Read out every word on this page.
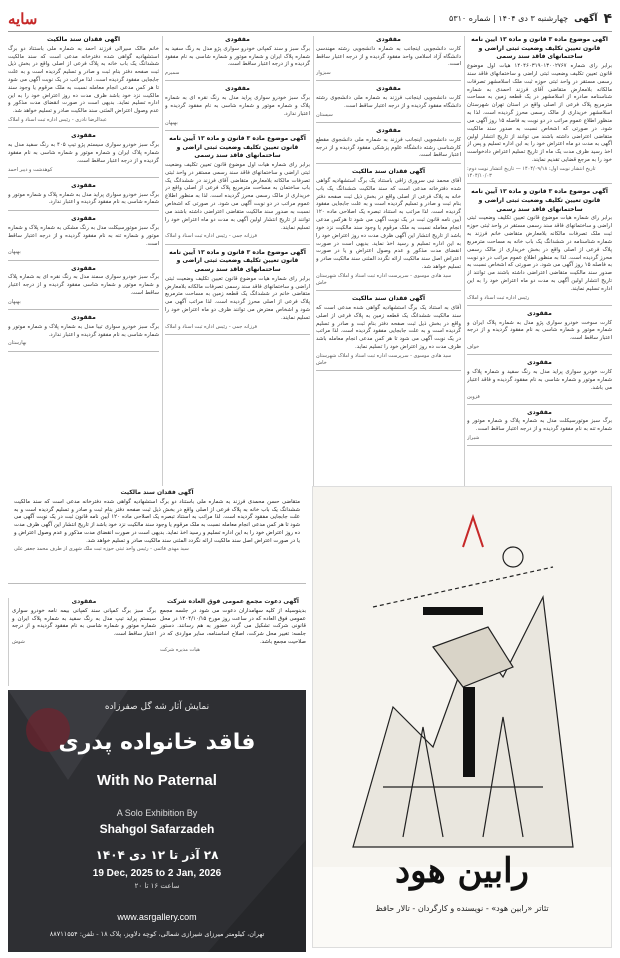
۴
آگهی
چهارشنبه ۳ دی ۱۴۰۴ | شماره ۵۳۱۰
سایه
آگهی موضوع ماده ۳ قانون و ماده ۱۳ آیین نامه قانون تعیین تکلیف وضعیت ثبتی اراضی و ساختمانهای فاقد سند رسمی
برابر رای شماره ۱۴۰۴۶۰۳۱۹۰۱۳۰۰۲۷۶۷ هیات اول موضوع قانون تعیین تکلیف وضعیت ثبتی اراضی و ساختمانهای فاقد سند رسمی مستقر در واحد ثبتی حوزه ثبت ملک اسلامشهر تصرفات مالکانه بلامعارض متقاضی آقای فرزند احمدی به شماره شناسنامه صادره از اسلامشهر در یک قطعه زمین به مساحت مترمربع پلاک فرعی از اصلی واقع در استان تهران شهرستان اسلامشهر خریداری از مالک رسمی محرز گردیده است. لذا به منظور اطلاع عموم مراتب در دو نوبت به فاصله ۱۵ روز آگهی می شود. در صورتی که اشخاص نسبت به صدور سند مالکیت متقاضی اعتراضی داشته باشند می توانند از تاریخ انتشار اولین آگهی به مدت دو ماه اعتراض خود را به این اداره تسلیم و پس از اخذ رسید ظرف مدت یک ماه از تاریخ تسلیم اعتراض دادخواست خود را به مرجع قضایی تقدیم نمایند.
تاریخ انتشار نوبت اول: ۱۴۰۴/۰۹/۱۸ — تاریخ انتشار نوبت دوم: ۱۴۰۴/۱۰/۰۳
آگهی موضوع ماده ۳ قانون و ماده ۱۳ آیین نامه قانون تعیین تکلیف وضعیت ثبتی اراضی و ساختمانهای فاقد سند رسمی
برابر رای شماره هیات موضوع قانون تعیین تکلیف وضعیت ثبتی اراضی و ساختمانهای فاقد سند رسمی مستقر در واحد ثبتی حوزه ثبت ملک تصرفات مالکانه بلامعارض متقاضی خانم فرزند به شماره شناسنامه در ششدانگ یک باب خانه به مساحت مترمربع پلاک فرعی از اصلی واقع در بخش خریداری از مالک رسمی محرز گردیده است. لذا به منظور اطلاع عموم مراتب در دو نوبت به فاصله ۱۵ روز آگهی می شود. در صورتی که اشخاص نسبت به صدور سند مالکیت متقاضی اعتراضی داشته باشند می توانند از تاریخ انتشار اولین آگهی به مدت دو ماه اعتراض خود را به این اداره تسلیم نمایند.
رئیس اداره ثبت اسناد و املاک
مفقودی
کارت سوخت خودرو سواری پژو مدل به شماره پلاک ایران و شماره موتور و شماره شاسی به نام مفقود گردیده و از درجه اعتبار ساقط است.
خواف
مفقودی
کارت خودرو سواری پراید مدل به رنگ سفید و شماره پلاک و شماره موتور و شماره شاسی به نام مفقود گردیده و فاقد اعتبار می باشد.
قزوین
مفقودی
برگ سبز موتورسیکلت مدل به شماره پلاک و شماره موتور و شماره تنه به نام مفقود گردیده و از درجه اعتبار ساقط است.
شیراز
مفقودی
کارت دانشجویی اینجانب به شماره دانشجویی رشته مهندسی دانشگاه آزاد اسلامی واحد مفقود گردیده و از درجه اعتبار ساقط است.
سبزوار
مفقودی
کارت دانشجویی اینجانب فرزند به شماره ملی دانشجوی رشته دانشگاه مفقود گردیده و از درجه اعتبار ساقط است.
سیستان
مفقودی
کارت دانشجویی اینجانب فرزند به شماره ملی دانشجوی مقطع کارشناسی رشته دانشگاه علوم پزشکی مفقود گردیده و از درجه اعتبار ساقط است.
آگهی فقدان سند مالکیت
آقای محمد نبی سروری زاقی باستناد یک برگ استشهادیه گواهی شده دفترخانه مدعی است که سند مالکیت ششدانگ یک باب خانه به پلاک فرعی از اصلی واقع در بخش ذیل ثبت صفحه دفتر بنام ثبت و صادر و تسلیم گردیده است و به علت جابجایی مفقود گردیده است. لذا مراتب به استناد تبصره یک اصلاحی ماده ۱۲۰ آیین نامه قانون ثبت در یک نوبت آگهی می شود تا هرکس مدعی انجام معامله نسبت به ملک مرقوم یا وجود سند مالکیت نزد خود باشد از تاریخ انتشار این آگهی ظرف مدت ده روز اعتراض خود را به این اداره تسلیم و رسید اخذ نماید. بدیهی است در صورت انقضای مدت مذکور و عدم وصول اعتراض و یا در صورت اعتراض اصل سند مالکیت ارائه نگردد المثنی سند مالکیت صادر و تسلیم خواهد شد.
سید هادی موسوی - سرپرست اداره ثبت اسناد و املاک شهرستان خاش
آگهی فقدان سند مالکیت
آقای به استناد یک برگ استشهادیه گواهی شده مدعی است که سند مالکیت ششدانگ یک قطعه زمین به پلاک فرعی از اصلی واقع در بخش ذیل ثبت صفحه دفتر بنام ثبت و صادر و تسلیم گردیده است و به علت جابجایی مفقود گردیده است. لذا مراتب در یک نوبت آگهی می شود تا هر کس مدعی انجام معامله باشد ظرف مدت ده روز اعتراض خود را تسلیم نماید.
سید هادی موسوی - سرپرست اداره ثبت اسناد و املاک شهرستان خاش
مفقودی
برگ سبز و سند کمپانی خودرو سواری پژو مدل به رنگ سفید به شماره پلاک ایران و شماره موتور و شماره شاسی به نام مفقود گردیده و از درجه اعتبار ساقط است.
سمیرم
مفقودی
برگ سبز خودرو سواری پراید مدل به رنگ نقره ای به شماره پلاک و شماره موتور و شماره شاسی به نام مفقود گردیده و اعتبار ندارد.
بهبهان
آگهی موضوع ماده ۳ قانون و ماده ۱۳ آیین نامه قانون تعیین تکلیف وضعیت ثبتی اراضی و ساختمانهای فاقد سند رسمی
برابر رای شماره هیات اول موضوع قانون تعیین تکلیف وضعیت ثبتی اراضی و ساختمانهای فاقد سند رسمی مستقر در واحد ثبتی تصرفات مالکانه بلامعارض متقاضی آقای فرزند در ششدانگ یک باب ساختمان به مساحت مترمربع پلاک فرعی از اصلی واقع در خریداری از مالک رسمی محرز گردیده است. لذا به منظور اطلاع عموم مراتب در دو نوبت آگهی می شود. در صورتی که اشخاص نسبت به صدور سند مالکیت متقاضی اعتراضی داشته باشند می توانند از تاریخ انتشار اولین آگهی به مدت دو ماه اعتراض خود را تسلیم نمایند.
فرزانه جمی - رئیس اداره ثبت اسناد و املاک
آگهی موضوع ماده ۳ قانون و ماده ۱۳ آیین نامه قانون تعیین تکلیف وضعیت ثبتی اراضی و ساختمانهای فاقد سند رسمی
برابر رای شماره هیات موضوع قانون تعیین تکلیف وضعیت ثبتی اراضی و ساختمانهای فاقد سند رسمی تصرفات مالکانه بلامعارض متقاضی خانم در ششدانگ یک قطعه زمین به مساحت مترمربع پلاک فرعی از اصلی محرز گردیده است. لذا مراتب آگهی می شود و اشخاص معترض می توانند ظرف دو ماه اعتراض خود را تسلیم نمایند.
فرزانه جمی - رئیس اداره ثبت اسناد و املاک
آگهی فقدان سند مالکیت
خانم مالک سیرالی فرزند احمد به شماره ملی باستناد دو برگ استشهادیه گواهی شده دفترخانه مدعی است که سند مالکیت ششدانگ یک باب خانه به پلاک فرعی از اصلی واقع در بخش ذیل ثبت صفحه دفتر بنام ثبت و صادر و تسلیم گردیده است و به علت جابجایی مفقود گردیده است. لذا مراتب در یک نوبت آگهی می شود تا هر کس مدعی انجام معامله نسبت به ملک مرقوم یا وجود سند مالکیت نزد خود باشد ظرف مدت ده روز اعتراض خود را به این اداره تسلیم نماید. بدیهی است در صورت انقضای مدت مذکور و عدم وصول اعتراض المثنی سند مالکیت صادر و تسلیم خواهد شد.
عبدالرضا نادری - رئیس اداره ثبت اسناد و املاک
مفقودی
برگ سبز خودرو سواری سیستم پژو تیپ ۴۰۵ به رنگ سفید مدل به شماره پلاک ایران و شماره موتور و شماره شاسی به نام مفقود گردیده و از درجه اعتبار ساقط است.
کوهدشت و دیبر احمد
مفقودی
برگ سبز خودرو سواری پراید مدل به شماره پلاک و شماره موتور و شماره شاسی به نام مفقود گردیده و اعتبار ندارد.
مفقودی
برگ سبز موتورسیکلت مدل به رنگ مشکی به شماره پلاک و شماره موتور و شماره تنه به نام مفقود گردیده و از درجه اعتبار ساقط است.
بهبهان
مفقودی
برگ سبز خودرو سواری سمند مدل به رنگ نقره ای به شماره پلاک و شماره موتور و شماره شاسی مفقود گردیده و از درجه اعتبار ساقط است.
بهبهان
مفقودی
برگ سبز خودرو سواری تیبا مدل به شماره پلاک و شماره موتور و شماره شاسی به نام مفقود گردیده و اعتبار ندارد.
بهارستان
رابین هود
تئاتر «رابین هود» - نویسنده و کارگردان - تالار حافظ
آگهی فقدان سند مالکیت
متقاضی حسن محمدی فرزند به شماره ملی باستناد دو برگ استشهادیه گواهی شده دفترخانه مدعی است که سند مالکیت ششدانگ یک باب خانه به پلاک فرعی از اصلی واقع در بخش ذیل ثبت صفحه دفتر بنام ثبت و صادر و تسلیم گردیده است و به علت جابجایی مفقود گردیده است. لذا مراتب به استناد تبصره یک اصلاحی ماده ۱۲۰ آیین نامه قانون ثبت در یک نوبت آگهی می شود تا هر کس مدعی انجام معامله نسبت به ملک مرقوم یا وجود سند مالکیت نزد خود باشد از تاریخ انتشار این آگهی ظرف مدت ده روز اعتراض خود را به این اداره تسلیم و رسید اخذ نماید. بدیهی است در صورت انقضای مدت مذکور و عدم وصول اعتراض و یا در صورت اعتراض اصل سند مالکیت ارائه نگردد المثنی سند مالکیت صادر و تسلیم خواهد شد.
سید مهدی قائمی - رئیس واحد ثبتی حوزه ثبت ملک شهری از طرف محمد جعفر علی
مفقودی
برگ سبز برگ کمپانی سند کمپانی بیمه نامه خودرو سواری سیستم پراید تیپ مدل به رنگ سفید به شماره پلاک ایران و شماره موتور و شماره شاسی به نام مفقود گردیده و از درجه اعتبار ساقط است.
شوش
آگهی دعوت مجمع عمومی فوق العاده شرکت
بدینوسیله از کلیه سهامداران دعوت می شود در جلسه مجمع عمومی فوق العاده که در ساعت روز مورخ ۱۴۰۴/۱۰/۱۵ در محل قانونی شرکت تشکیل می گردد حضور به هم رسانند. دستور جلسه: تغییر محل شرکت، اصلاح اساسنامه، سایر مواردی که در صلاحیت مجمع باشد.
هیات مدیره شرکت
نمایش آثار شه گل صفرزاده
فاقد خانواده پدری
With No Paternal
A Solo Exhibition By
Shahgol Safarzadeh
۲۸ آذر تا ۱۲ دی ۱۴۰۴
19 Dec, 2025 to 2 Jan, 2026
ساعت ۱۶ تا ۲۰
www.asrgallery.com
تهران، کیلومتر میرزای شیرازی شمالی، کوچه دلاویز، پلاک ۱۸ - تلفن: ۸۸۷۱۱۵۵۴
